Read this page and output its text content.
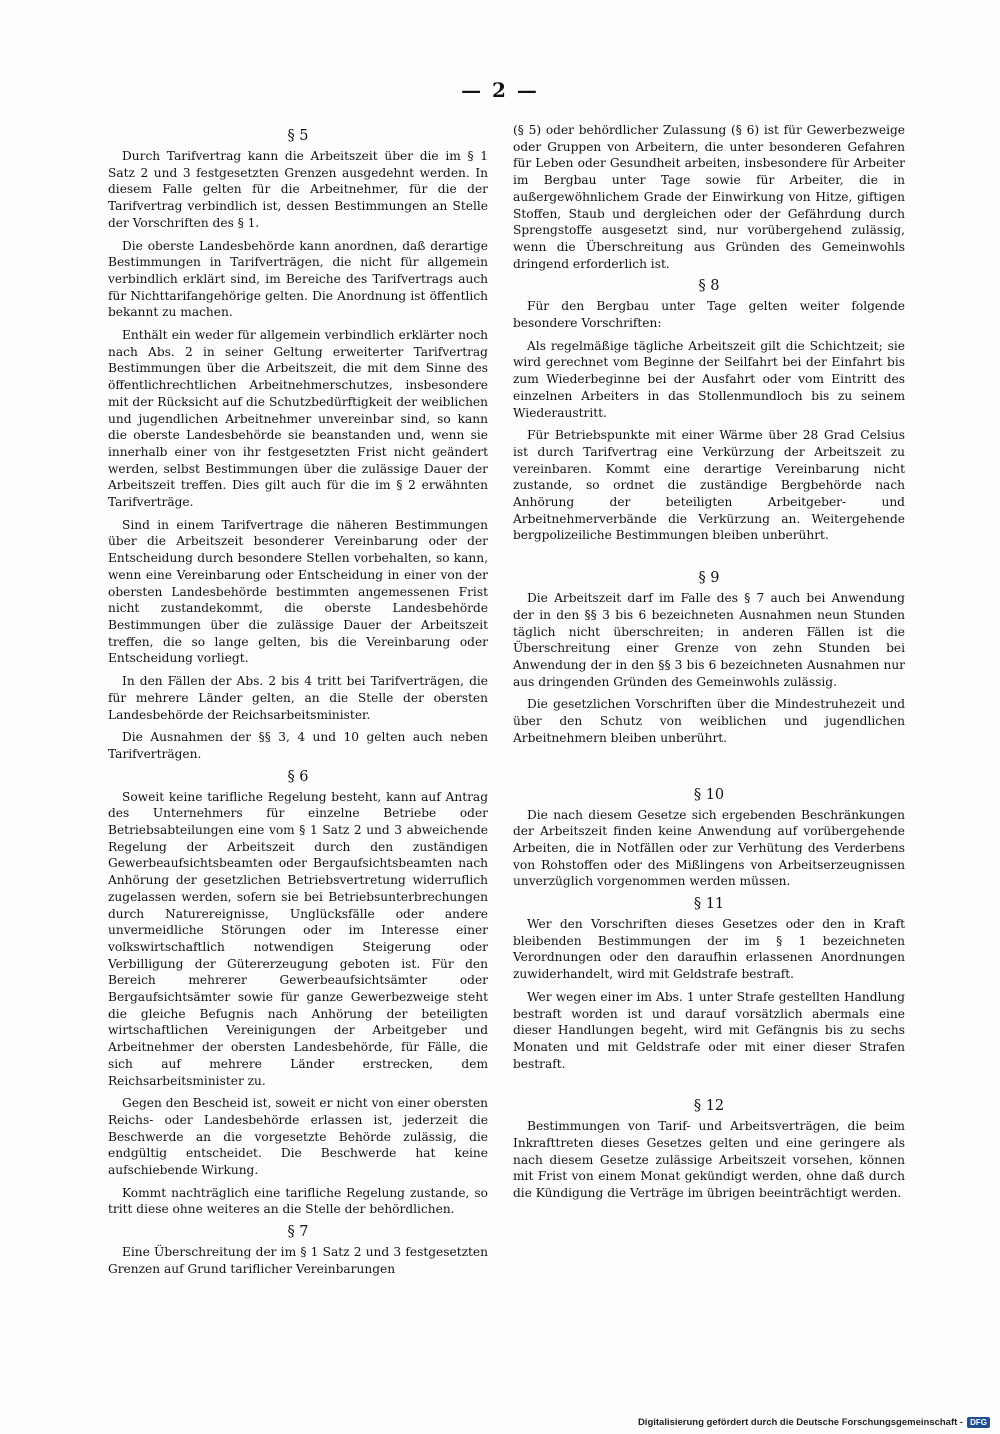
— 2 —
§ 5

Durch Tarifvertrag kann die Arbeitszeit über die im § 1 Satz 2 und 3 festgesetzten Grenzen ausgedehnt werden. In diesem Falle gelten für die Arbeitnehmer, für die der Tarifvertrag verbindlich ist, dessen Bestimmungen an Stelle der Vorschriften des § 1.

Die oberste Landesbehörde kann anordnen, daß derartige Bestimmungen in Tarifverträgen, die nicht für allgemein verbindlich erklärt sind, im Bereiche des Tarifvertrags auch für Nichttarifangehörige gelten. Die Anordnung ist öffentlich bekannt zu machen.

Enthält ein weder für allgemein verbindlich erklärter noch nach Abs. 2 in seiner Geltung erweiterter Tarifvertrag Bestimmungen über die Arbeitszeit, die mit dem Sinne des öffentlichrechtlichen Arbeitnehmerschutzes, insbesondere mit der Rücksicht auf die Schutzbedürftigkeit der weiblichen und jugendlichen Arbeitnehmer unvereinbar sind, so kann die oberste Landesbehörde sie beanstanden und, wenn sie innerhalb einer von ihr festgesetzten Frist nicht geändert werden, selbst Bestimmungen über die zulässige Dauer der Arbeitszeit treffen. Dies gilt auch für die im § 2 erwähnten Tarifverträge.

Sind in einem Tarifvertrage die näheren Bestimmungen über die Arbeitszeit besonderer Vereinbarung oder der Entscheidung durch besondere Stellen vorbehalten, so kann, wenn eine Vereinbarung oder Entscheidung in einer von der obersten Landesbehörde bestimmten angemessenen Frist nicht zustandekommt, die oberste Landesbehörde Bestimmungen über die zulässige Dauer der Arbeitszeit treffen, die so lange gelten, bis die Vereinbarung oder Entscheidung vorliegt.

In den Fällen der Abs. 2 bis 4 tritt bei Tarifverträgen, die für mehrere Länder gelten, an die Stelle der obersten Landesbehörde der Reichsarbeitsminister.

Die Ausnahmen der §§ 3, 4 und 10 gelten auch neben Tarifverträgen.

§ 6

Soweit keine tarifliche Regelung besteht, kann auf Antrag des Unternehmers für einzelne Betriebe oder Betriebsabteilungen eine vom § 1 Satz 2 und 3 abweichende Regelung der Arbeitszeit durch den zuständigen Gewerbeaufsichtsbeamten oder Bergaufsichtsbeamten nach Anhörung der gesetzlichen Betriebsvertretung widerruflich zugelassen werden, sofern sie bei Betriebsunterbrechungen durch Naturereignisse, Unglücksfälle oder andere unvermeidliche Störungen oder im Interesse einer volkswirtschaftlich notwendigen Steigerung oder Verbilligung der Gütererzeugung geboten ist. Für den Bereich mehrerer Gewerbeaufsichtsämter oder Bergaufsichtsämter sowie für ganze Gewerbezweige steht die gleiche Befugnis nach Anhörung der beteiligten wirtschaftlichen Vereinigungen der Arbeitgeber und Arbeitnehmer der obersten Landesbehörde, für Fälle, die sich auf mehrere Länder erstrecken, dem Reichsarbeitsminister zu.

Gegen den Bescheid ist, soweit er nicht von einer obersten Reichs- oder Landesbehörde erlassen ist, jederzeit die Beschwerde an die vorgesetzte Behörde zulässig, die endgültig entscheidet. Die Beschwerde hat keine aufschiebende Wirkung.

Kommt nachträglich eine tarifliche Regelung zustande, so tritt diese ohne weiteres an die Stelle der behördlichen.

§ 7

Eine Überschreitung der im § 1 Satz 2 und 3 festgesetzten Grenzen auf Grund tariflicher Vereinbarungen

(§ 5) oder behördlicher Zulassung (§ 6) ist für Gewerbezweige oder Gruppen von Arbeitern, die unter besonderen Gefahren für Leben oder Gesundheit arbeiten, insbesondere für Arbeiter im Bergbau unter Tage sowie für Arbeiter, die in außergewöhnlichem Grade der Einwirkung von Hitze, giftigen Stoffen, Staub und dergleichen oder der Gefährdung durch Sprengstoffe ausgesetzt sind, nur vorübergehend zulässig, wenn die Überschreitung aus Gründen des Gemeinwohls dringend erforderlich ist.

§ 8

Für den Bergbau unter Tage gelten weiter folgende besondere Vorschriften:

Als regelmäßige tägliche Arbeitszeit gilt die Schichtzeit; sie wird gerechnet vom Beginne der Seilfahrt bei der Einfahrt bis zum Wiederbeginne bei der Ausfahrt oder vom Eintritt des einzelnen Arbeiters in das Stollenmundloch bis zu seinem Wiederaustritt.

Für Betriebspunkte mit einer Wärme über 28 Grad Celsius ist durch Tarifvertrag eine Verkürzung der Arbeitszeit zu vereinbaren. Kommt eine derartige Vereinbarung nicht zustande, so ordnet die zuständige Bergbehörde nach Anhörung der beteiligten Arbeitgeber- und Arbeitnehmerverbände die Verkürzung an. Weitergehende bergpolizeiliche Bestimmungen bleiben unberührt.

§ 9

Die Arbeitszeit darf im Falle des § 7 auch bei Anwendung der in den §§ 3 bis 6 bezeichneten Ausnahmen neun Stunden täglich nicht überschreiten; in anderen Fällen ist die Überschreitung einer Grenze von zehn Stunden bei Anwendung der in den §§ 3 bis 6 bezeichneten Ausnahmen nur aus dringenden Gründen des Gemeinwohls zulässig.

Die gesetzlichen Vorschriften über die Mindestruhezeit und über den Schutz von weiblichen und jugendlichen Arbeitnehmern bleiben unberührt.

§ 10

Die nach diesem Gesetze sich ergebenden Beschränkungen der Arbeitszeit finden keine Anwendung auf vorübergehende Arbeiten, die in Notfällen oder zur Verhütung des Verderbens von Rohstoffen oder des Mißlingens von Arbeitserzeugnissen unverzüglich vorgenommen werden müssen.

§ 11

Wer den Vorschriften dieses Gesetzes oder den in Kraft bleibenden Bestimmungen der im § 1 bezeichneten Verordnungen oder den daraufhin erlassenen Anordnungen zuwiderhandelt, wird mit Geldstrafe bestraft.

Wer wegen einer im Abs. 1 unter Strafe gestellten Handlung bestraft worden ist und darauf vorsätzlich abermals eine dieser Handlungen begeht, wird mit Gefängnis bis zu sechs Monaten und mit Geldstrafe oder mit einer dieser Strafen bestraft.

§ 12

Bestimmungen von Tarif- und Arbeitsverträgen, die beim Inkrafttreten dieses Gesetzes gelten und eine geringere als nach diesem Gesetze zulässige Arbeitszeit vorsehen, können mit Frist von einem Monat gekündigt werden, ohne daß durch die Kündigung die Verträge im übrigen beeinträchtigt werden.

Digitalisierung gefördert durch die Deutsche Forschungsgemeinschaft - DFG
